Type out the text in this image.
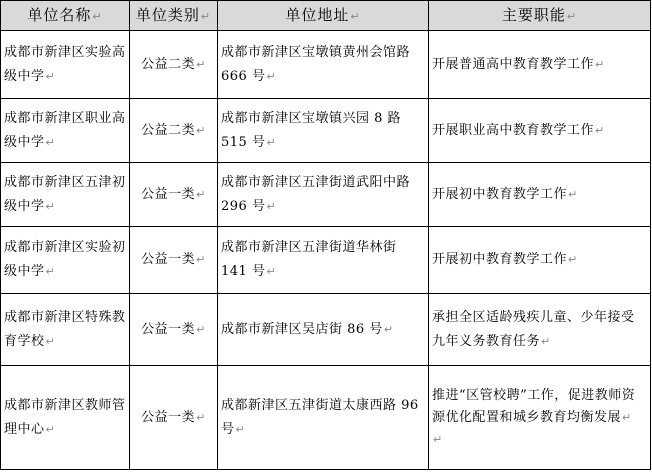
单位名称↵	单位类别↵	单位地址↵	主要职能↵
成都市新津区实验高级中学↵	公益二类↵	成都市新津区宝墩镇黄州会馆路 666 号↵	开展普通高中教育教学工作↵
成都市新津区职业高级中学↵	公益二类↵	成都市新津区宝墩镇兴园 8 路 515 号↵	开展职业高中教育教学工作↵
成都市新津区五津初级中学↵	公益一类↵	成都市新津区五津街道武阳中路 296 号↵	开展初中教育教学工作↵
成都市新津区实验初级中学↵	公益一类↵	成都市新津区五津街道华林街 141 号↵	开展初中教育教学工作↵
成都市新津区特殊教育学校↵	公益一类↵	成都市新津区吴店街 86 号↵	承担全区适龄残疾儿童、少年接受九年义务教育任务↵
成都市新津区教师管理中心↵	公益一类↵	成都新津区五津街道太康西路 96 号↵	推进“区管校聘”工作，促进教师资源优化配置和城乡教育均衡发展↵
↵
